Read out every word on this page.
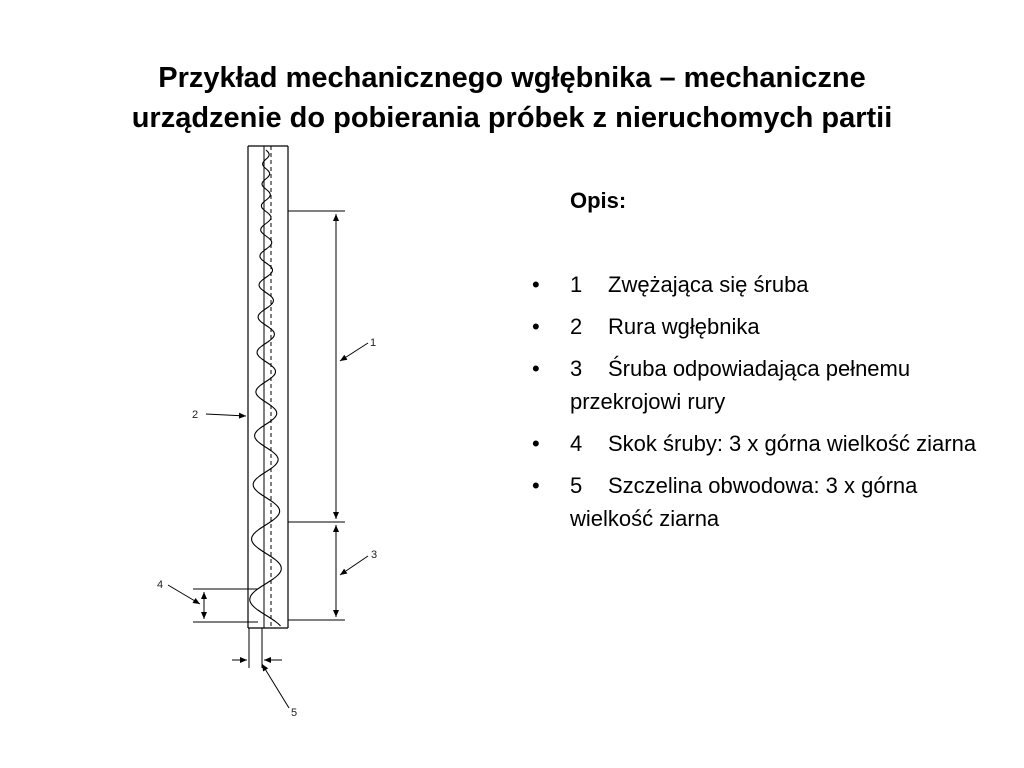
Przykład mechanicznego wgłębnika – mechaniczne
urządzenie do pobierania próbek z nieruchomych partii
1
2
3
4
5
Opis:
• 1 Zwężająca się śruba
• 2 Rura wgłębnika
• 3 Śruba odpowiadająca pełnemu przekrojowi rury
• 4 Skok śruby: 3 x górna wielkość ziarna
• 5 Szczelina obwodowa: 3 x górna wielkość ziarna
